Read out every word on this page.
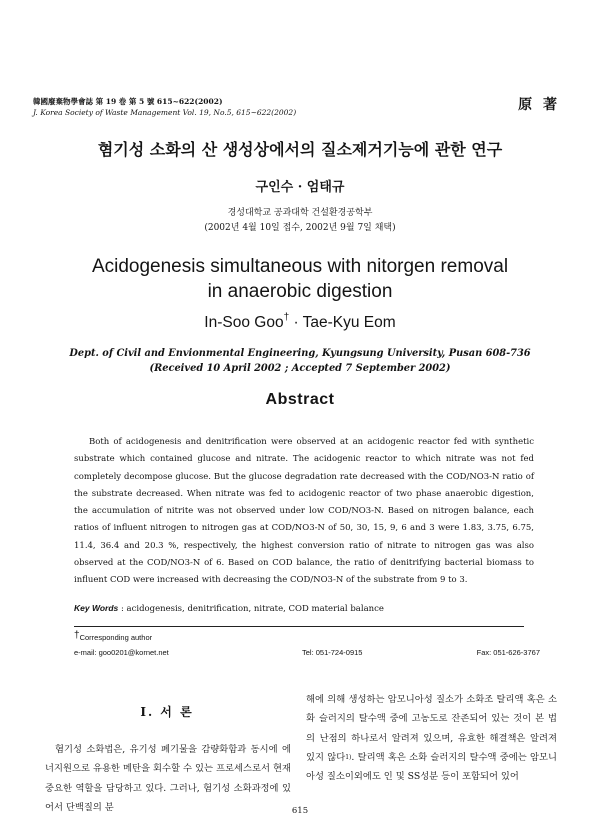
韓國廢棄物學會誌 第 19 卷 第 5 號 615~622(2002)
J. Korea Society of Waste Management Vol. 19, No.5, 615~622(2002)	原 著
혐기성 소화의 산 생성상에서의 질소제거기능에 관한 연구
구인수 · 엄태규
경성대학교 공과대학 건설환경공학부
(2002년 4월 10일 접수, 2002년 9월 7일 채택)
Acidogenesis simultaneous with nitorgen removal
in anaerobic digestion
In-Soo Goo† · Tae-Kyu Eom
Dept. of Civil and Envionmental Engineering, Kyungsung University, Pusan 608-736
(Received 10 April 2002 ; Accepted 7 September 2002)
Abstract
Both of acidogenesis and denitrification were observed at an acidogenic reactor fed with synthetic substrate which contained glucose and nitrate. The acidogenic reactor to which nitrate was not fed completely decompose glucose. But the glucose degradation rate decreased with the COD/NO3-N ratio of the substrate decreased. When nitrate was fed to acidogenic reactor of two phase anaerobic digestion, the accumulation of nitrite was not observed under low COD/NO3-N. Based on nitrogen balance, each ratios of influent nitrogen to nitrogen gas at COD/NO3-N of 50, 30, 15, 9, 6 and 3 were 1.83, 3.75, 6.75, 11.4, 36.4 and 20.3 %, respectively, the highest conversion ratio of nitrate to nitrogen gas was also observed at the COD/NO3-N of 6. Based on COD balance, the ratio of denitrifying bacterial biomass to influent COD were increased with decreasing the COD/NO3-N of the substrate from 9 to 3.
Key Words : acidogenesis, denitrification, nitrate, COD material balance
†Corresponding author
e-mail: goo0201@kornet.net	Tel: 051-724-0915	Fax: 051-626-3767
Ⅰ. 서 론
혐기성 소화법은, 유기성 폐기물을 감량화함과 동시에 에너지원으로 유용한 메탄을 회수할 수 있는 프로세스로서 현재 중요한 역할을 담당하고 있다. 그러나, 혐기성 소화과정에 있어서 단백질의 분
해에 의해 생성하는 암모니아성 질소가 소화조 탈리액 혹은 소화 슬러지의 탈수액 중에 고농도로 잔존되어 있는 것이 본 법의 난점의 하나로서 알려져 있으며, 유효한 해결책은 알려져 있지 않다$^{1)}$. 탈리액 혹은 소화 슬러지의 탈수액 중에는 암모니아성 질소이외에도 인 및 SS성분 등이 포함되어 있어
615
